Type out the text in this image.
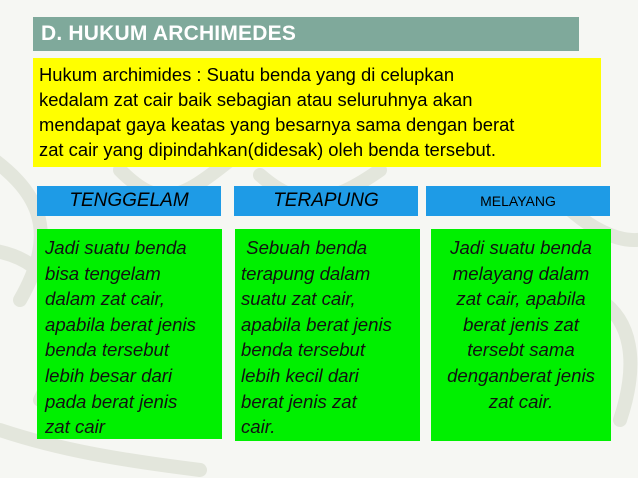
D. HUKUM ARCHIMEDES
Hukum archimides : Suatu benda yang di celupkan
kedalam zat cair baik sebagian atau seluruhnya akan
mendapat gaya keatas yang besarnya sama dengan berat
zat cair yang dipindahkan(didesak) oleh benda tersebut.
TENGGELAM	TERAPUNG	MELAYANG
Jadi suatu benda
bisa tengelam
dalam zat cair,
apabila berat jenis
benda tersebut
lebih besar dari
pada berat jenis
zat cair
Sebuah benda
terapung dalam
suatu zat cair,
apabila berat jenis
benda tersebut
lebih kecil dari
berat jenis zat
cair.
Jadi suatu benda
melayang dalam
zat cair, apabila
berat jenis zat
tersebt sama
denganberat jenis
zat cair.
